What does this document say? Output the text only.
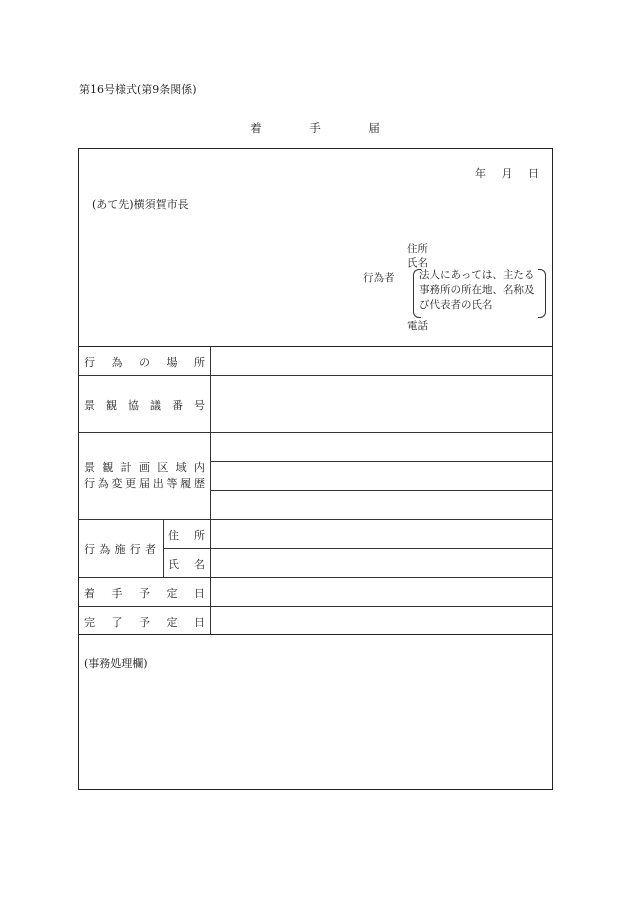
第16号様式(第9条関係)
着	手	届
年 月 日
(あて先)横須賀市長
住所
氏名
行為者 法人にあっては、主たる
事務所の所在地、名称及
び代表者の氏名
電話
行 為 の 場 所
景 観 協 議 番 号
景 観 計 画 区 域 内
行 為 変 更 届 出 等 履 歴
行 為 施 行 者
住 所
氏 名
着 手 予 定 日
完 了 予 定 日
(事務処理欄)
